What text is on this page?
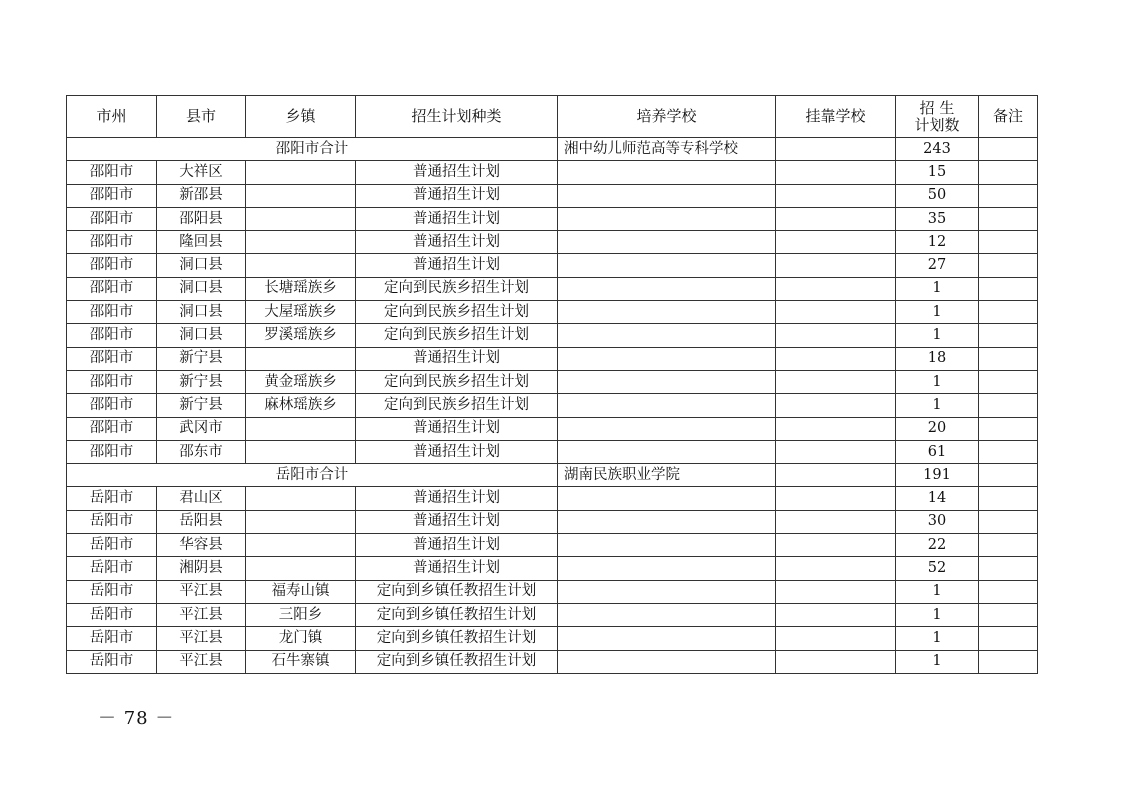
市州	县市	乡镇	招生计划种类	培养学校	挂靠学校	招 生
计划数	备注
邵阳市合计				湘中幼儿师范高等专科学校		243	
邵阳市	大祥区		普通招生计划			15	
邵阳市	新邵县		普通招生计划			50	
邵阳市	邵阳县		普通招生计划			35	
邵阳市	隆回县		普通招生计划			12	
邵阳市	洞口县		普通招生计划			27	
邵阳市	洞口县	长塘瑶族乡	定向到民族乡招生计划			1	
邵阳市	洞口县	大屋瑶族乡	定向到民族乡招生计划			1	
邵阳市	洞口县	罗溪瑶族乡	定向到民族乡招生计划			1	
邵阳市	新宁县		普通招生计划			18	
邵阳市	新宁县	黄金瑶族乡	定向到民族乡招生计划			1	
邵阳市	新宁县	麻林瑶族乡	定向到民族乡招生计划			1	
邵阳市	武冈市		普通招生计划			20	
邵阳市	邵东市		普通招生计划			61	
岳阳市合计				湖南民族职业学院		191	
岳阳市	君山区		普通招生计划			14	
岳阳市	岳阳县		普通招生计划			30	
岳阳市	华容县		普通招生计划			22	
岳阳市	湘阴县		普通招生计划			52	
岳阳市	平江县	福寿山镇	定向到乡镇任教招生计划			1	
岳阳市	平江县	三阳乡	定向到乡镇任教招生计划			1	
岳阳市	平江县	龙门镇	定向到乡镇任教招生计划			1	
岳阳市	平江县	石牛寨镇	定向到乡镇任教招生计划			1	
－ 78 －
